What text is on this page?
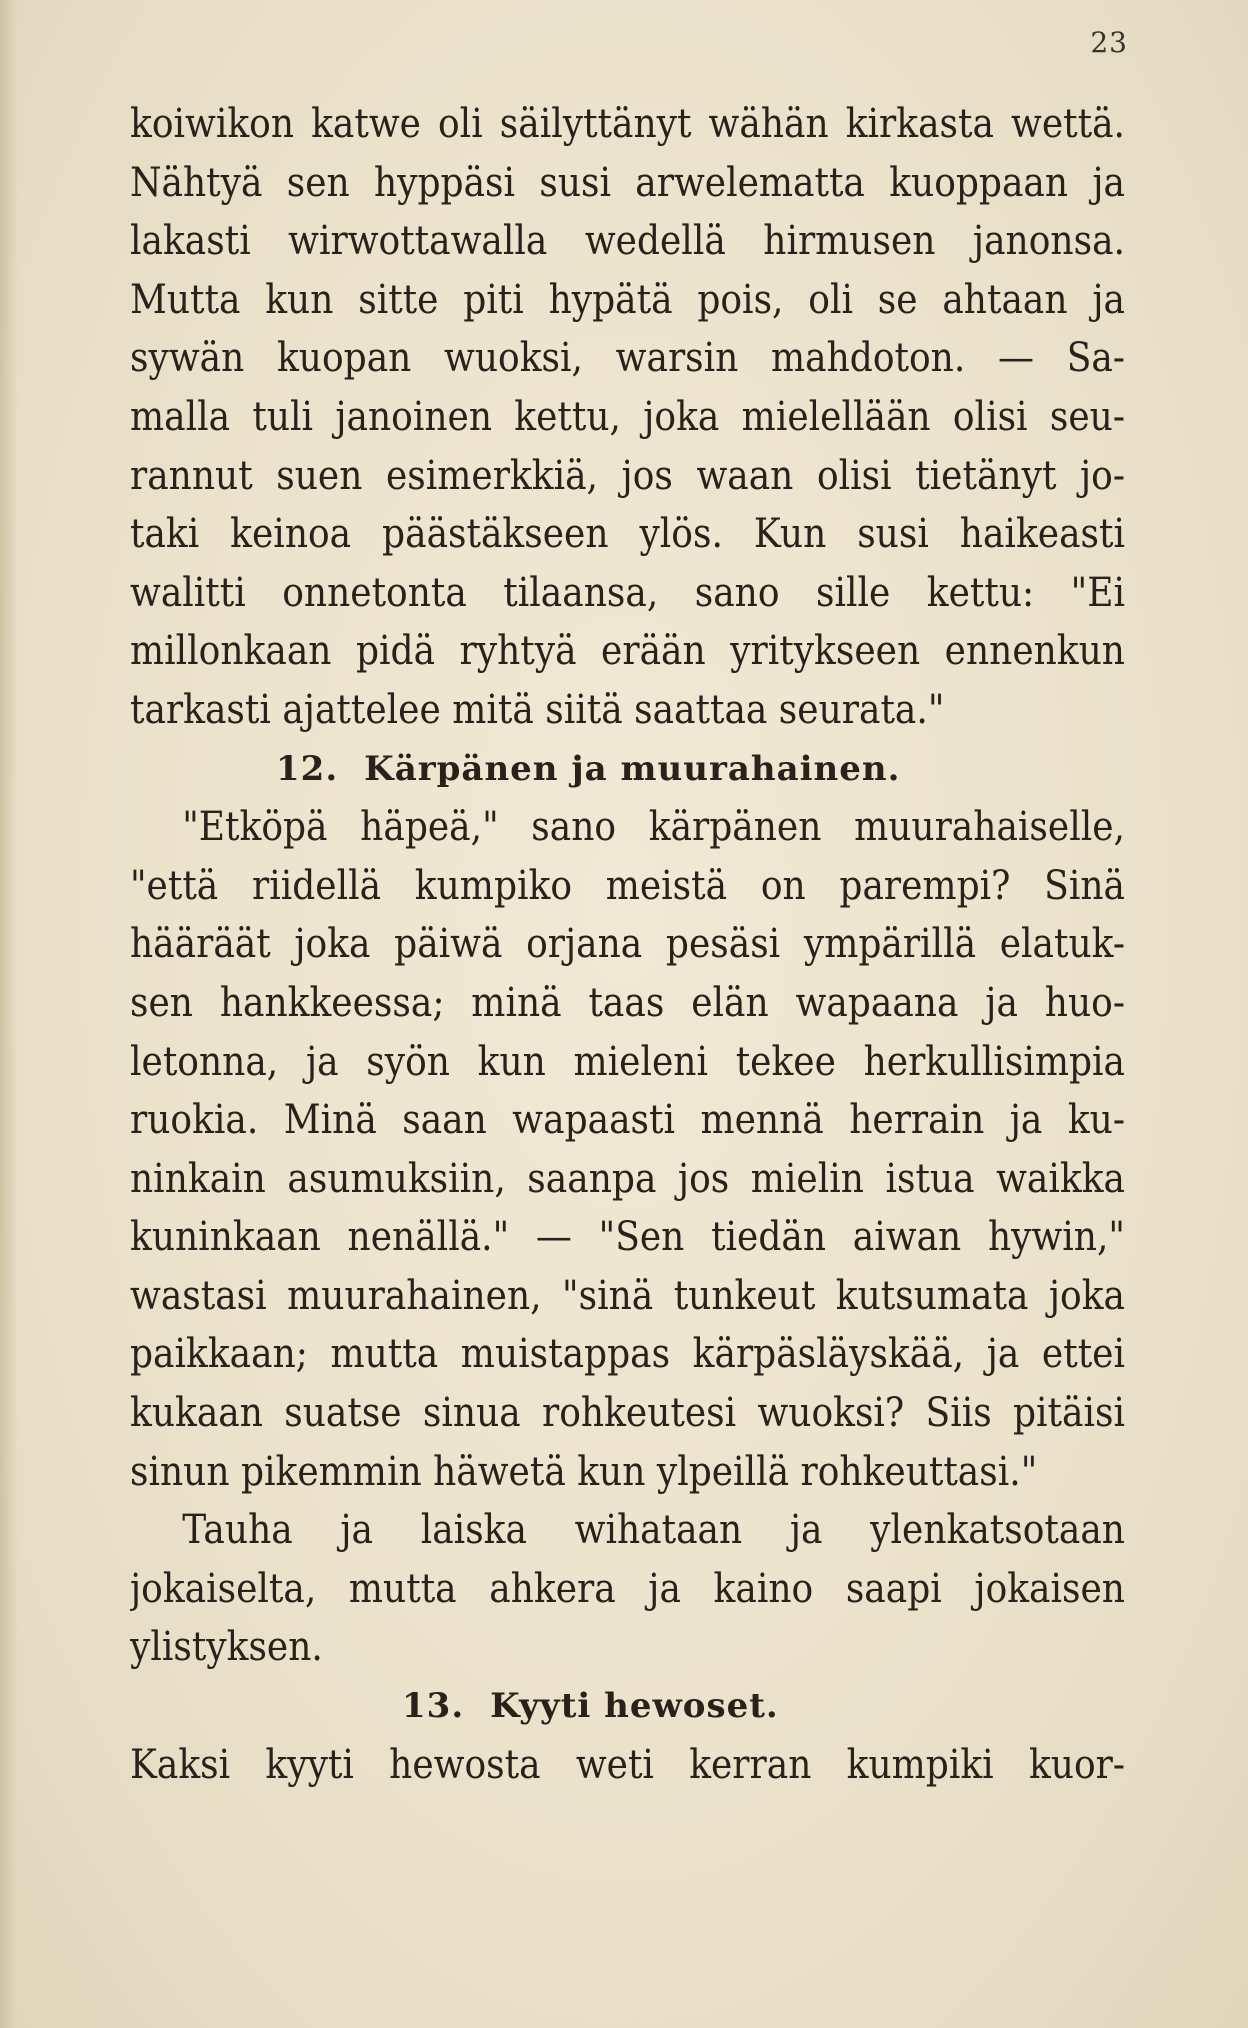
23
koiwikon katwe oli säilyttänyt wähän kirkasta wettä.
Nähtyä sen hyppäsi susi arwelematta kuoppaan ja
lakasti wirwottawalla wedellä hirmusen janonsa.
Mutta kun sitte piti hypätä pois, oli se ahtaan ja
sywän kuopan wuoksi, warsin mahdoton. — Sa-
malla tuli janoinen kettu, joka mielellään olisi seu-
rannut suen esimerkkiä, jos waan olisi tietänyt jo-
taki keinoa päästäkseen ylös. Kun susi haikeasti
walitti onnetonta tilaansa, sano sille kettu: "Ei
millonkaan pidä ryhtyä erään yritykseen ennenkun
tarkasti ajattelee mitä siitä saattaa seurata."
12. Kärpänen ja muurahainen.
"Etköpä häpeä," sano kärpänen muurahaiselle,
"että riidellä kumpiko meistä on parempi? Sinä
hääräät joka päiwä orjana pesäsi ympärillä elatuk-
sen hankkeessa; minä taas elän wapaana ja huo-
letonna, ja syön kun mieleni tekee herkullisimpia
ruokia. Minä saan wapaasti mennä herrain ja ku-
ninkain asumuksiin, saanpa jos mielin istua waikka
kuninkaan nenällä." — "Sen tiedän aiwan hywin,"
wastasi muurahainen, "sinä tunkeut kutsumata joka
paikkaan; mutta muistappas kärpäsläyskää, ja ettei
kukaan suatse sinua rohkeutesi wuoksi? Siis pitäisi
sinun pikemmin häwetä kun ylpeillä rohkeuttasi."
Tauha ja laiska wihataan ja ylenkatsotaan
jokaiselta, mutta ahkera ja kaino saapi jokaisen
ylistyksen.
13. Kyyti hewoset.
Kaksi kyyti hewosta weti kerran kumpiki kuor-
